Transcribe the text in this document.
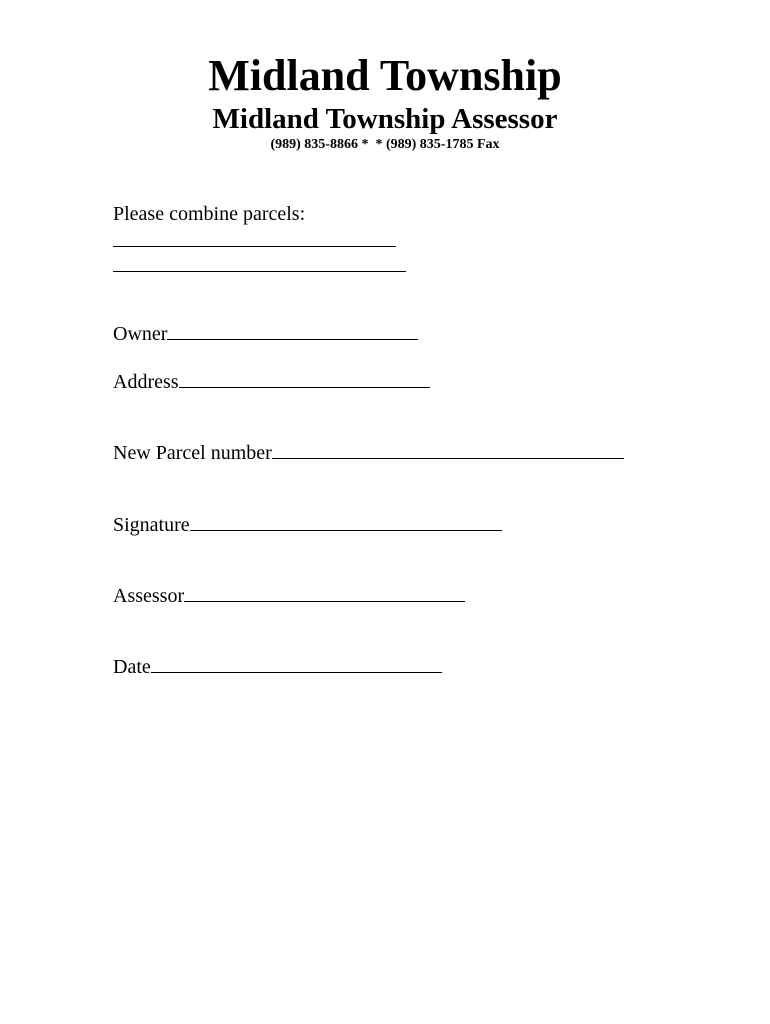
Midland Township
Midland Township Assessor
(989) 835-8866 *  * (989) 835-1785 Fax
Please combine parcels:
Owner
Address
New Parcel number
Signature
Assessor
Date
